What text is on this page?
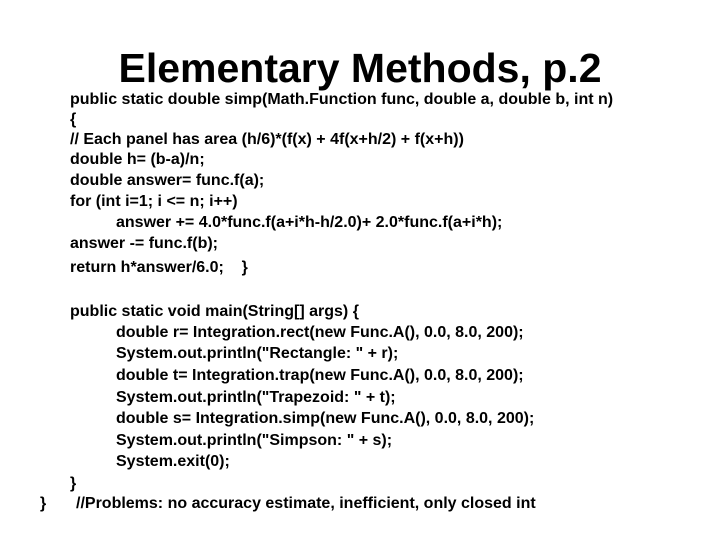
Elementary Methods, p.2
public static double simp(Math.Function func, double a, double b, int n)
{
// Each panel has area (h/6)*(f(x) + 4f(x+h/2) + f(x+h))
double h= (b-a)/n;
double answer= func.f(a);
for (int i=1; i <= n; i++)
answer += 4.0*func.f(a+i*h-h/2.0)+ 2.0*func.f(a+i*h);
answer -= func.f(b);
return h*answer/6.0;    }
public static void main(String[] args) {
double r= Integration.rect(new Func.A(), 0.0, 8.0, 200);
System.out.println("Rectangle: " + r);
double t= Integration.trap(new Func.A(), 0.0, 8.0, 200);
System.out.println("Trapezoid: " + t);
double s= Integration.simp(new Func.A(), 0.0, 8.0, 200);
System.out.println("Simpson: " + s);
System.exit(0);
}
} //Problems: no accuracy estimate, inefficient, only closed int
